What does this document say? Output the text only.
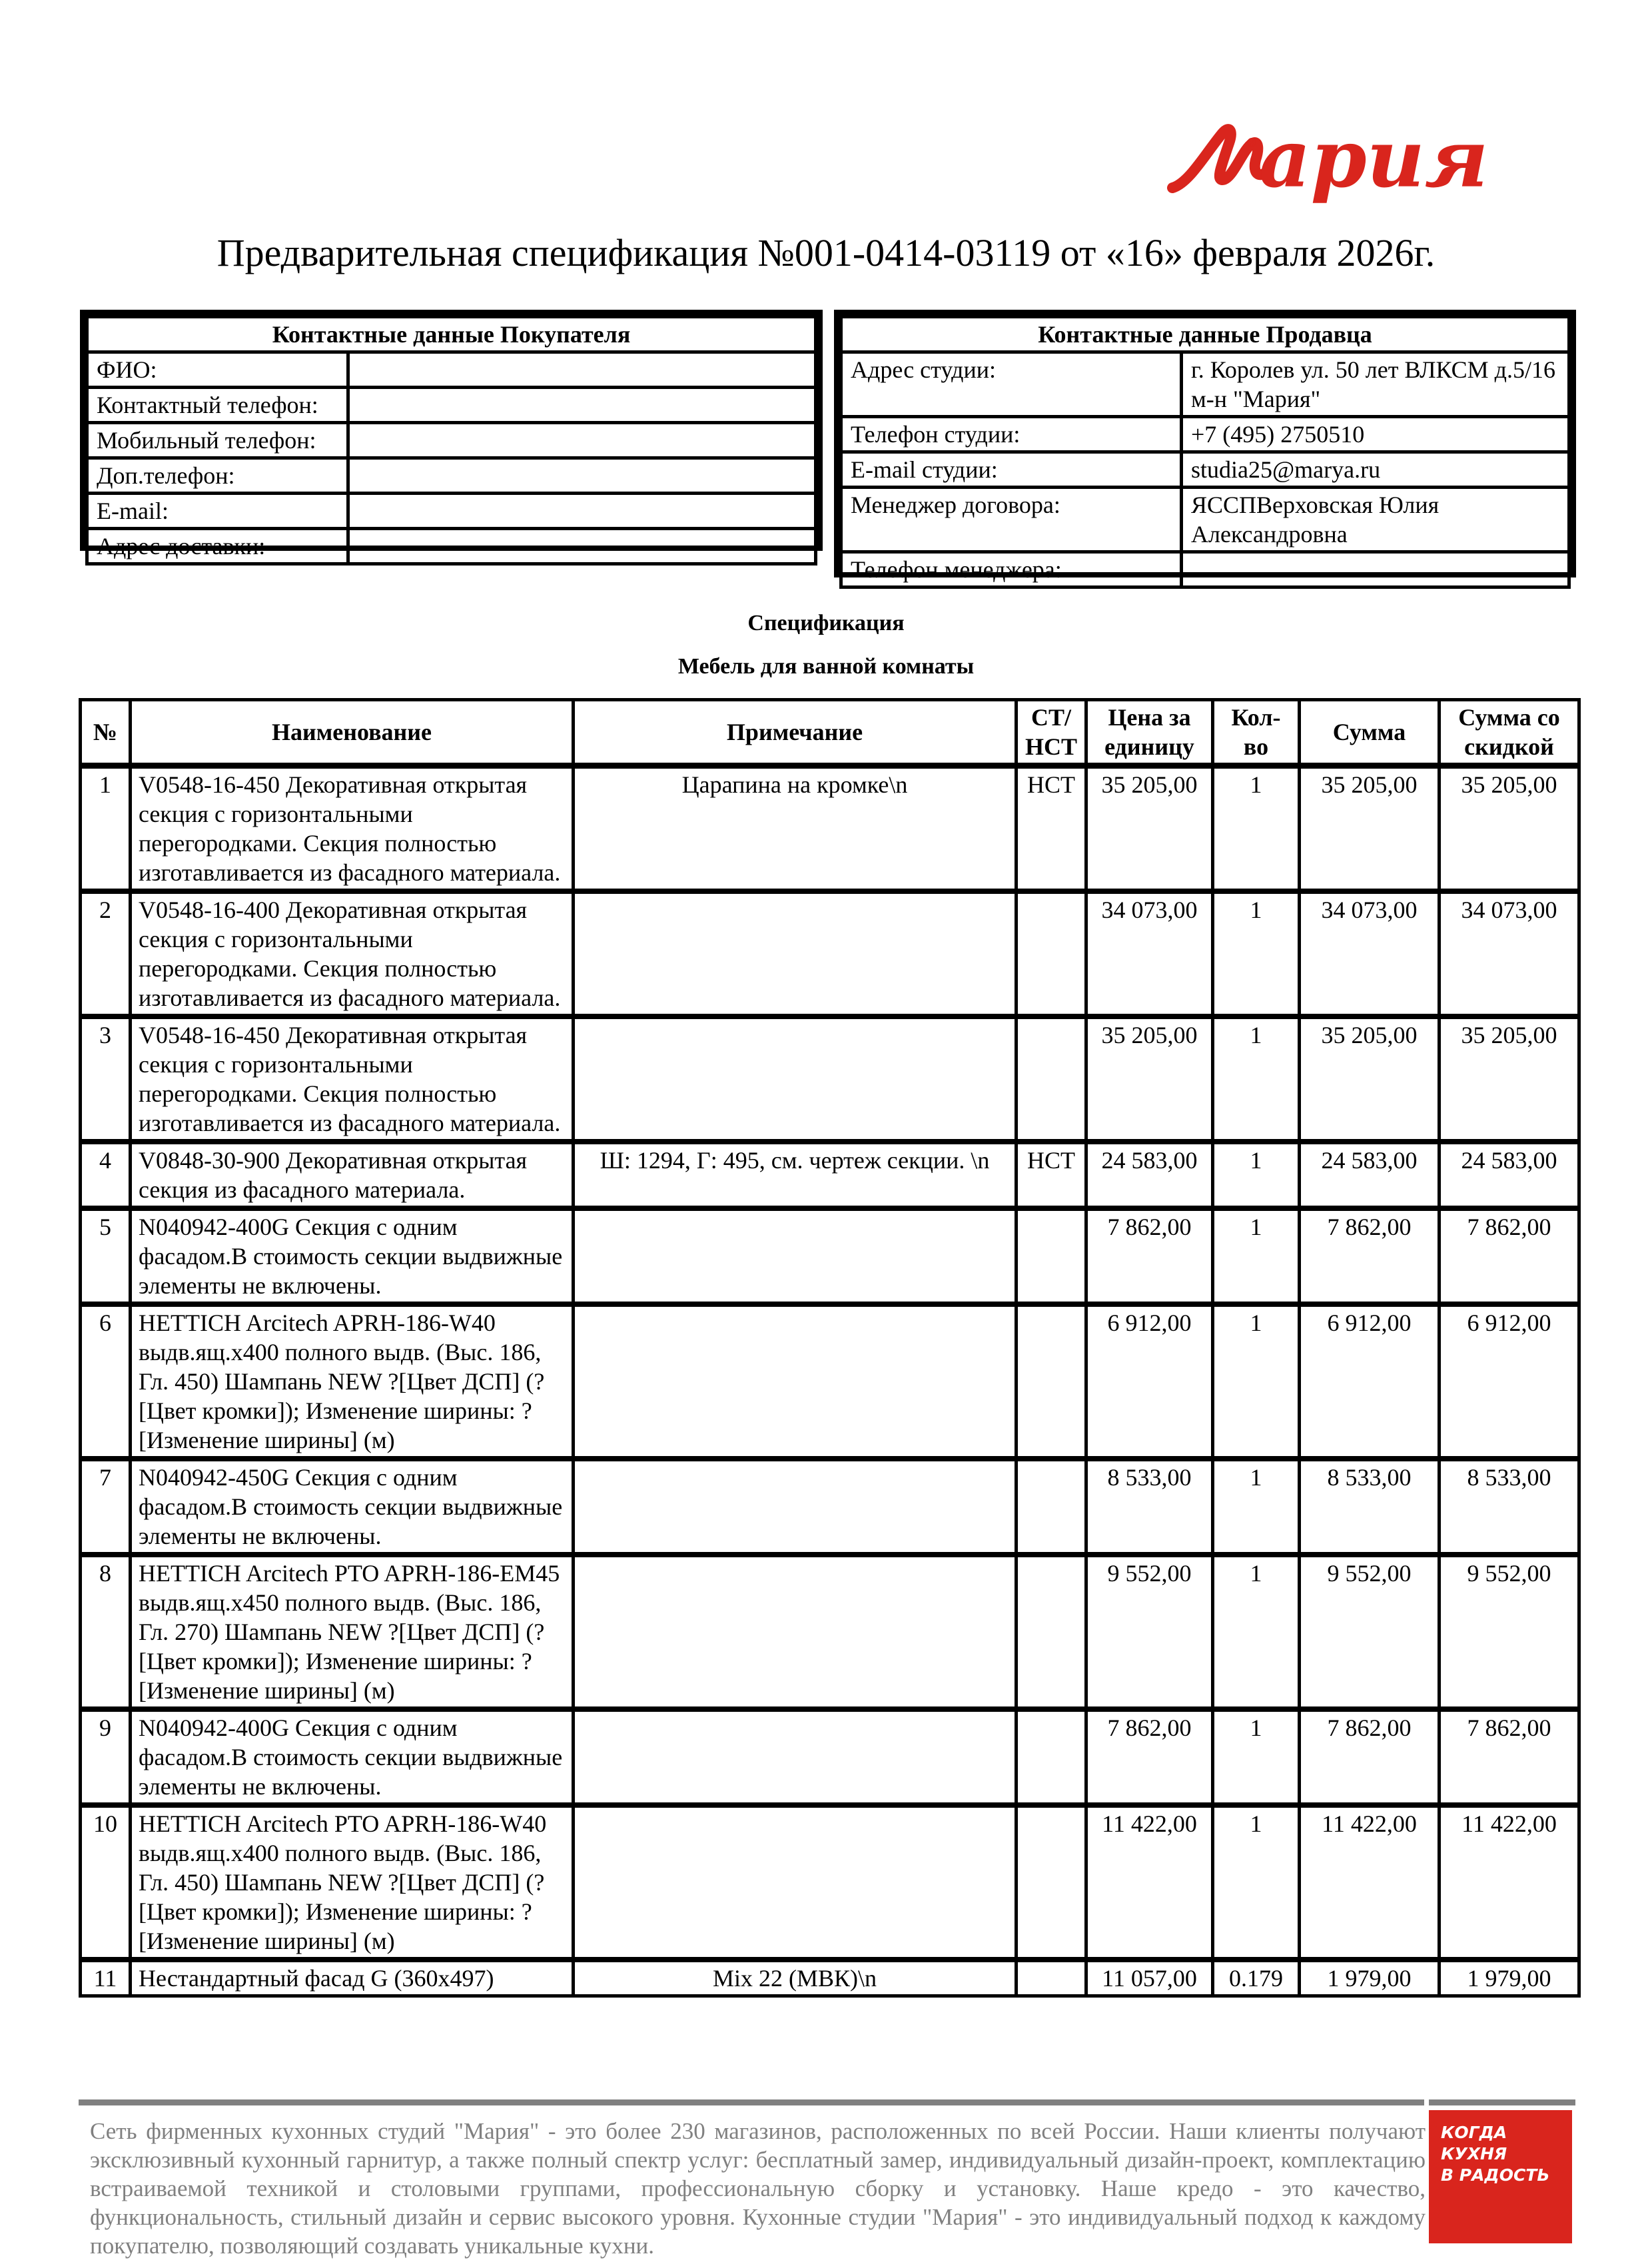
® ария
Предварительная спецификация №001-0414-03119 от «16» февраля 2026г.
Контактные данные Покупателя	
ФИО:	
Контактный телефон:	
Мобильный телефон:	
Доп.телефон:	
E-mail:	
Адрес доставки:	
Контактные данные Продавца	
Адрес студии:	г. Королев ул. 50 лет ВЛКСМ д.5/16 м-н "Мария"
Телефон студии:	+7 (495) 2750510
E-mail студии:	studia25@marya.ru
Менеджер договора:	ЯССПВерховская Юлия Александровна
Телефон менеджера:	
Спецификация
Мебель для ванной комнаты
№	Наименование	Примечание	СТ/ НСТ	Цена за единицу	Кол-во	Сумма	Сумма со скидкой
1	V0548-16-450 Декоративная открытая секция с горизонтальными перегородками. Секция полностью изготавливается из фасадного материала.	Царапина на кромке\n	НСТ	35 205,00	1	35 205,00	35 205,00
2	V0548-16-400 Декоративная открытая секция с горизонтальными перегородками. Секция полностью изготавливается из фасадного материала.			34 073,00	1	34 073,00	34 073,00
3	V0548-16-450 Декоративная открытая секция с горизонтальными перегородками. Секция полностью изготавливается из фасадного материала.			35 205,00	1	35 205,00	35 205,00
4	V0848-30-900 Декоративная открытая секция из фасадного материала.	Ш: 1294, Г: 495, см. чертеж секции. \n	НСТ	24 583,00	1	24 583,00	24 583,00
5	N040942-400G Секция с одним фасадом.В стоимость секции выдвижные элементы не включены.			7 862,00	1	7 862,00	7 862,00
6	HETTICH Arcitech APRH-186-W40 выдв.ящ.x400 полного выдв. (Выс. 186, Гл. 450) Шампань NEW ?[Цвет ДСП] (?[Цвет кромки]); Изменение ширины: ?[Изменение ширины] (м)			6 912,00	1	6 912,00	6 912,00
7	N040942-450G Секция с одним фасадом.В стоимость секции выдвижные элементы не включены.			8 533,00	1	8 533,00	8 533,00
8	HETTICH Arcitech PTO APRH-186-EM45 выдв.ящ.x450 полного выдв. (Выс. 186, Гл. 270) Шампань NEW ?[Цвет ДСП] (?[Цвет кромки]); Изменение ширины: ?[Изменение ширины] (м)			9 552,00	1	9 552,00	9 552,00
9	N040942-400G Секция с одним фасадом.В стоимость секции выдвижные элементы не включены.			7 862,00	1	7 862,00	7 862,00
10	HETTICH Arcitech PTO APRH-186-W40 выдв.ящ.x400 полного выдв. (Выс. 186, Гл. 450) Шампань NEW ?[Цвет ДСП] (?[Цвет кромки]); Изменение ширины: ?[Изменение ширины] (м)			11 422,00	1	11 422,00	11 422,00
11	Нестандартный фасад G (360x497)	Mix 22 (МВК)\n		11 057,00	0.179	1 979,00	1 979,00
Сеть фирменных кухонных студий "Мария" - это более 230 магазинов, расположенных по всей России. Наши клиенты получают эксклюзивный кухонный гарнитур, а также полный спектр услуг: бесплатный замер, индивидуальный дизайн-проект, комплектацию встраиваемой техникой и столовыми группами, профессиональную сборку и установку. Наше кредо - это качество, функциональность, стильный дизайн и сервис высокого уровня. Кухонные студии "Мария" - это индивидуальный подход к каждому покупателю, позволяющий создавать уникальные кухни.
КОГДА
КУХНЯ
В РАДОСТЬ
